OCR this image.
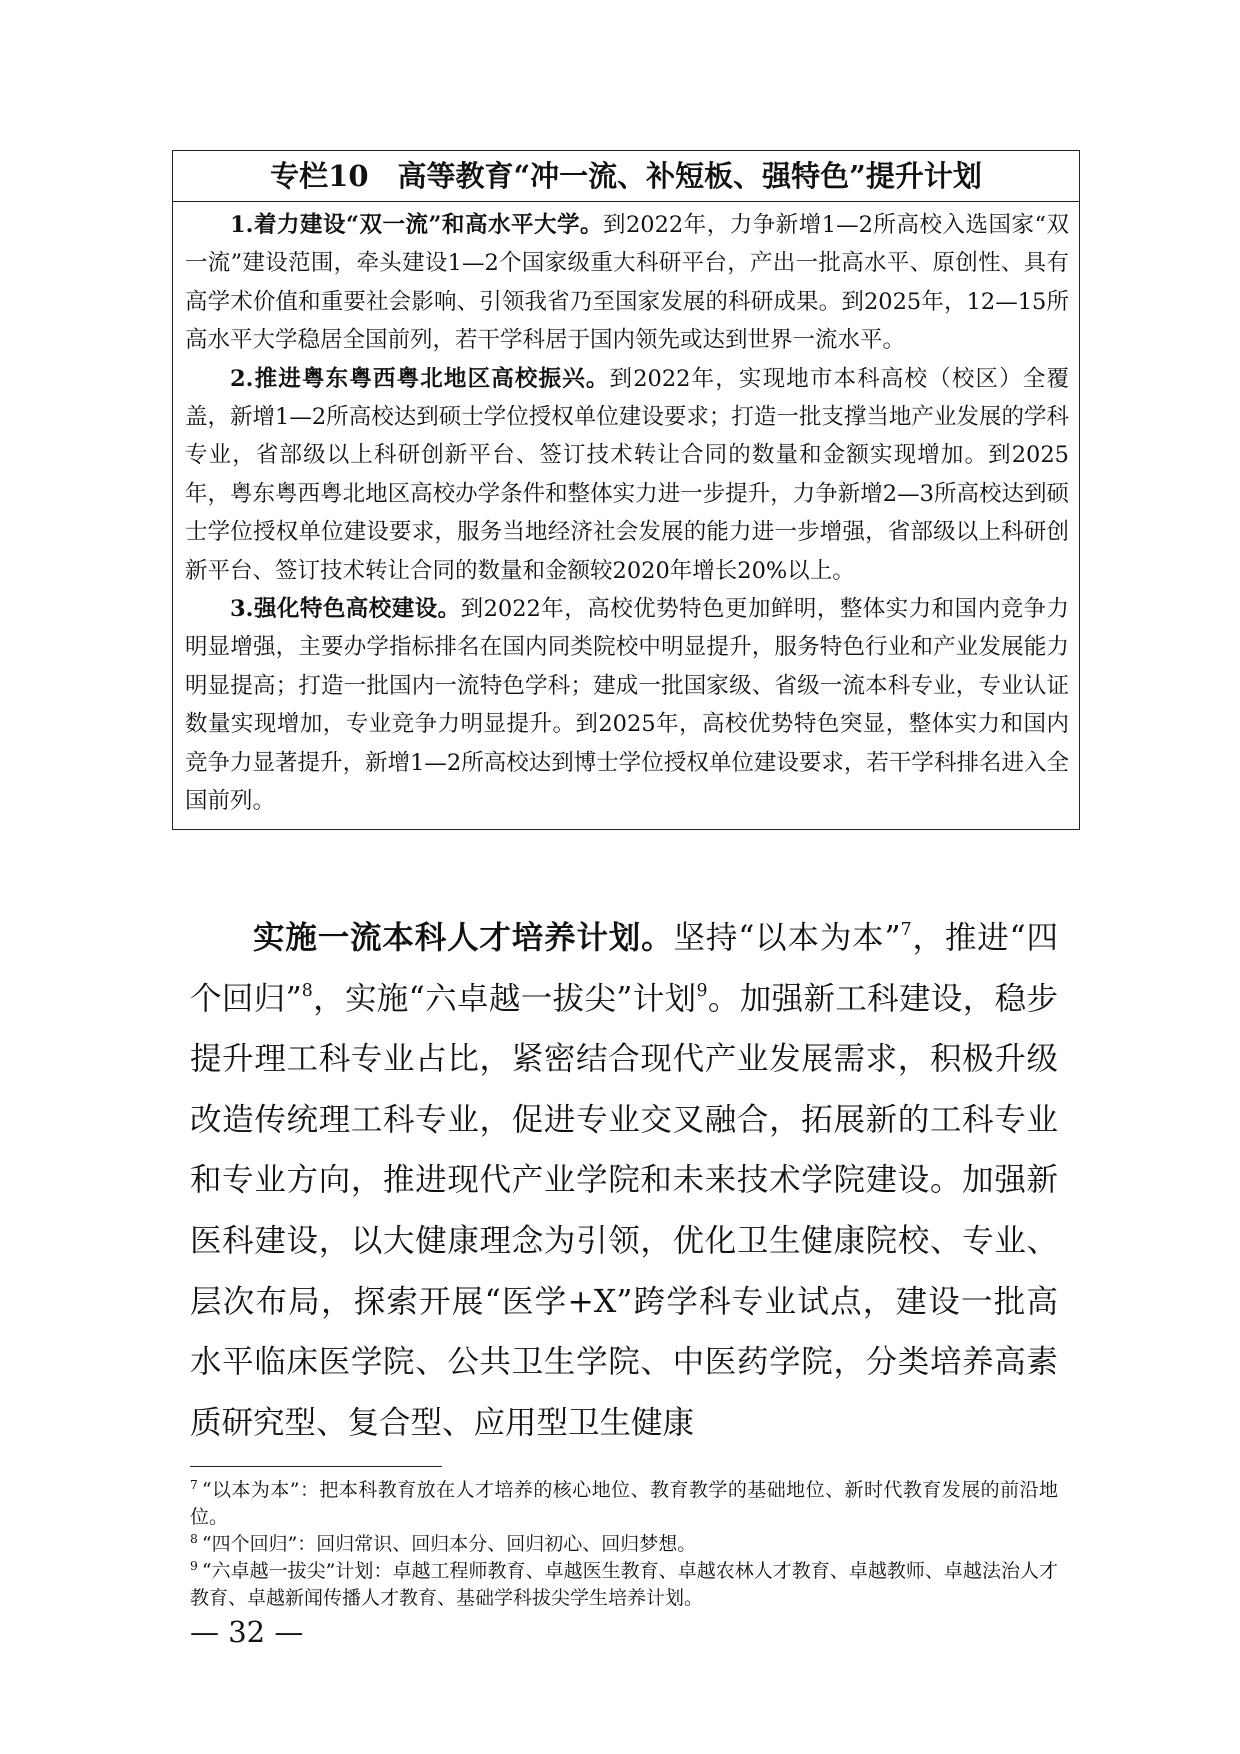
专栏10　高等教育“冲一流、补短板、强特色”提升计划

1.着力建设“双一流”和高水平大学。到2022年，力争新增1—2所高校入选国家“双一流”建设范围，牵头建设1—2个国家级重大科研平台，产出一批高水平、原创性、具有高学术价值和重要社会影响、引领我省乃至国家发展的科研成果。到2025年，12—15所高水平大学稳居全国前列，若干学科居于国内领先或达到世界一流水平。

2.推进粤东粤西粤北地区高校振兴。到2022年，实现地市本科高校（校区）全覆盖，新增1—2所高校达到硕士学位授权单位建设要求；打造一批支撑当地产业发展的学科专业，省部级以上科研创新平台、签订技术转让合同的数量和金额实现增加。到2025年，粤东粤西粤北地区高校办学条件和整体实力进一步提升，力争新增2—3所高校达到硕士学位授权单位建设要求，服务当地经济社会发展的能力进一步增强，省部级以上科研创新平台、签订技术转让合同的数量和金额较2020年增长20%以上。

3.强化特色高校建设。到2022年，高校优势特色更加鲜明，整体实力和国内竞争力明显增强，主要办学指标排名在国内同类院校中明显提升，服务特色行业和产业发展能力明显提高；打造一批国内一流特色学科；建成一批国家级、省级一流本科专业，专业认证数量实现增加，专业竞争力明显提升。到2025年，高校优势特色突显，整体实力和国内竞争力显著提升，新增1—2所高校达到博士学位授权单位建设要求，若干学科排名进入全国前列。

实施一流本科人才培养计划。坚持“以本为本”$^7$，推进“四个回归”$^8$，实施“六卓越一拔尖”计划$^9$。加强新工科建设，稳步提升理工科专业占比，紧密结合现代产业发展需求，积极升级改造传统理工科专业，促进专业交叉融合，拓展新的工科专业和专业方向，推进现代产业学院和未来技术学院建设。加强新医科建设，以大健康理念为引领，优化卫生健康院校、专业、层次布局，探索开展“医学+X”跨学科专业试点，建设一批高水平临床医学院、公共卫生学院、中医药学院，分类培养高素质研究型、复合型、应用型卫生健康

$^7$ “以本为本”：把本科教育放在人才培养的核心地位、教育教学的基础地位、新时代教育发展的前沿地位。

$^8$ “四个回归”：回归常识、回归本分、回归初心、回归梦想。

$^9$ “六卓越一拔尖”计划：卓越工程师教育、卓越医生教育、卓越农林人才教育、卓越教师、卓越法治人才教育、卓越新闻传播人才教育、基础学科拔尖学生培养计划。

— 32 —
